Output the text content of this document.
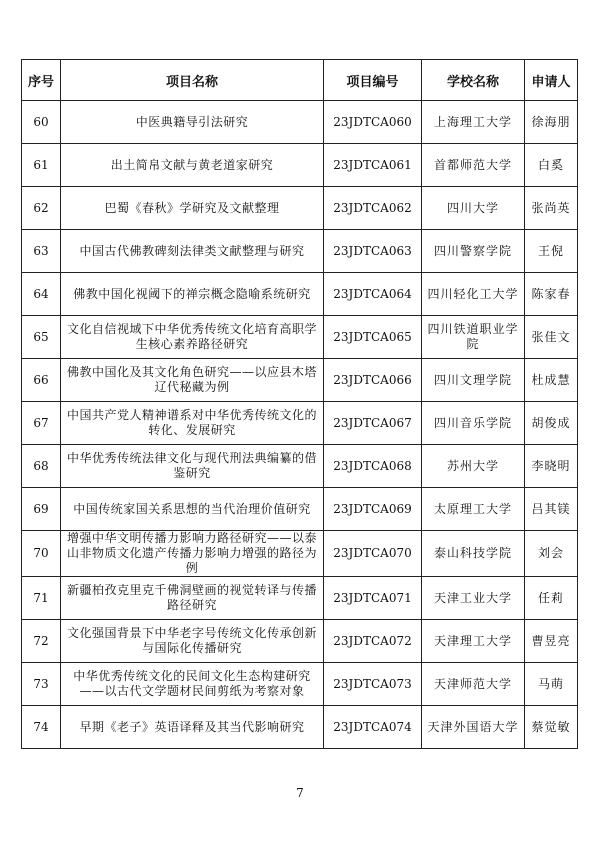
序号	项目名称	项目编号	学校名称	申请人
60	中医典籍导引法研究	23JDTCA060	上海理工大学	徐海朋
61	出土简帛文献与黄老道家研究	23JDTCA061	首都师范大学	白奚
62	巴蜀《春秋》学研究及文献整理	23JDTCA062	四川大学	张尚英
63	中国古代佛教碑刻法律类文献整理与研究	23JDTCA063	四川警察学院	王倪
64	佛教中国化视阈下的禅宗概念隐喻系统研究	23JDTCA064	四川轻化工大学	陈家春
65	文化自信视域下中华优秀传统文化培育高职学生核心素养路径研究	23JDTCA065	四川铁道职业学院	张佳文
66	佛教中国化及其文化角色研究——以应县木塔辽代秘藏为例	23JDTCA066	四川文理学院	杜成慧
67	中国共产党人精神谱系对中华优秀传统文化的转化、发展研究	23JDTCA067	四川音乐学院	胡俊成
68	中华优秀传统法律文化与现代刑法典编纂的借鉴研究	23JDTCA068	苏州大学	李晓明
69	中国传统家国关系思想的当代治理价值研究	23JDTCA069	太原理工大学	吕其镁
70	增强中华文明传播力影响力路径研究——以泰山非物质文化遗产传播力影响力增强的路径为例	23JDTCA070	泰山科技学院	刘会
71	新疆柏孜克里克千佛洞壁画的视觉转译与传播路径研究	23JDTCA071	天津工业大学	任莉
72	文化强国背景下中华老字号传统文化传承创新与国际化传播研究	23JDTCA072	天津理工大学	曹昱亮
73	中华优秀传统文化的民间文化生态构建研究——以古代文学题材民间剪纸为考察对象	23JDTCA073	天津师范大学	马萌
74	早期《老子》英语译释及其当代影响研究	23JDTCA074	天津外国语大学	蔡觉敏
7
